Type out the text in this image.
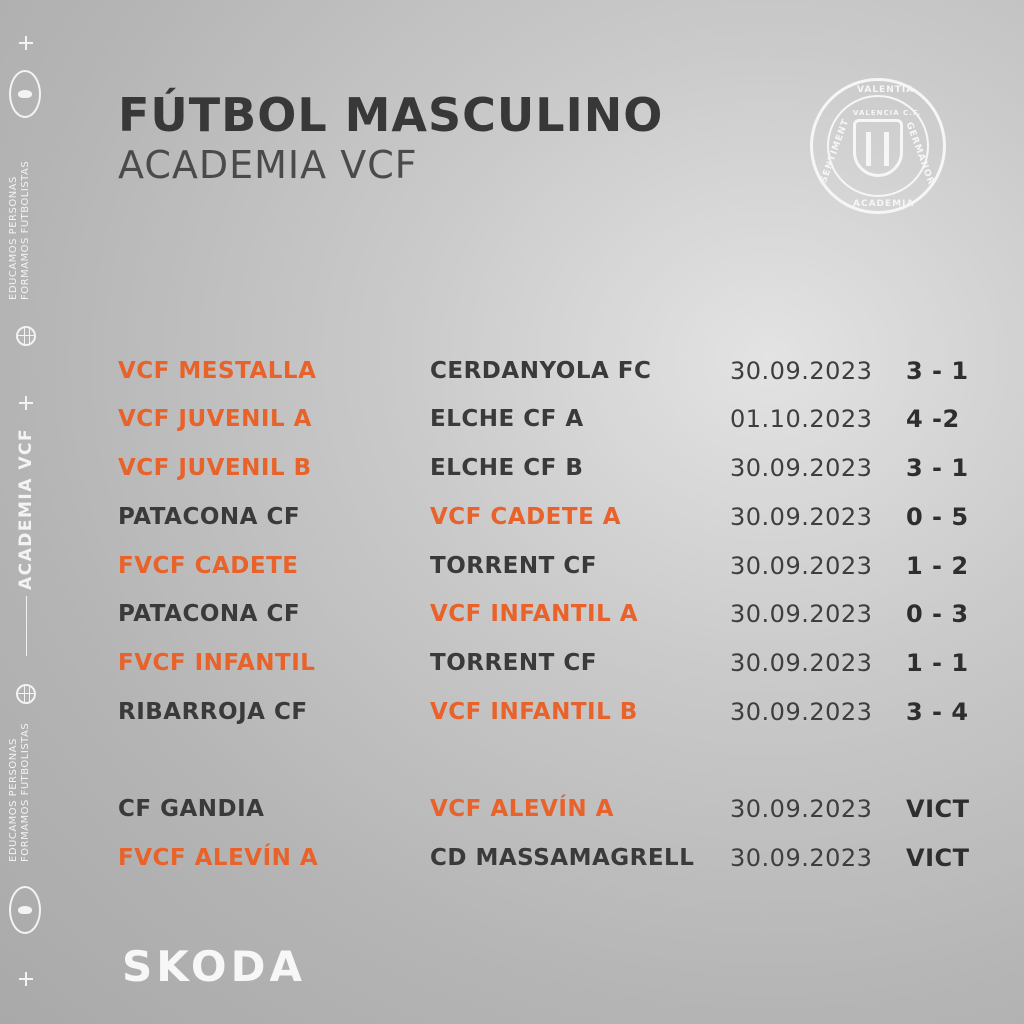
EDUCAMOS PERSONAS FORMAMOS FUTBOLISTAS
ACADEMIA VCF
EDUCAMOS PERSONAS FORMAMOS FUTBOLISTAS
FÚTBOL MASCULINO
ACADEMIA VCF
VALENTIA
GERMANOR
ACADEMIA
SENTIMENT
VALENCIA C.F.
VCF MESTALLA	CERDANYOLA FC	30.09.2023 3 - 1
VCF JUVENIL A	ELCHE CF A	01.10.2023 4 -2
VCF JUVENIL B	ELCHE CF B	30.09.2023 3 - 1
PATACONA CF	VCF CADETE A	30.09.2023 0 - 5
FVCF CADETE	TORRENT CF	30.09.2023 1 - 2
PATACONA CF	VCF INFANTIL A	30.09.2023 0 - 3
FVCF INFANTIL	TORRENT CF	30.09.2023 1 - 1
RIBARROJA CF	VCF INFANTIL B	30.09.2023 3 - 4
CF GANDIA	VCF ALEVÍN A	30.09.2023 VICT
FVCF ALEVÍN A	CD MASSAMAGRELL 30.09.2023 VICT
SKODA
